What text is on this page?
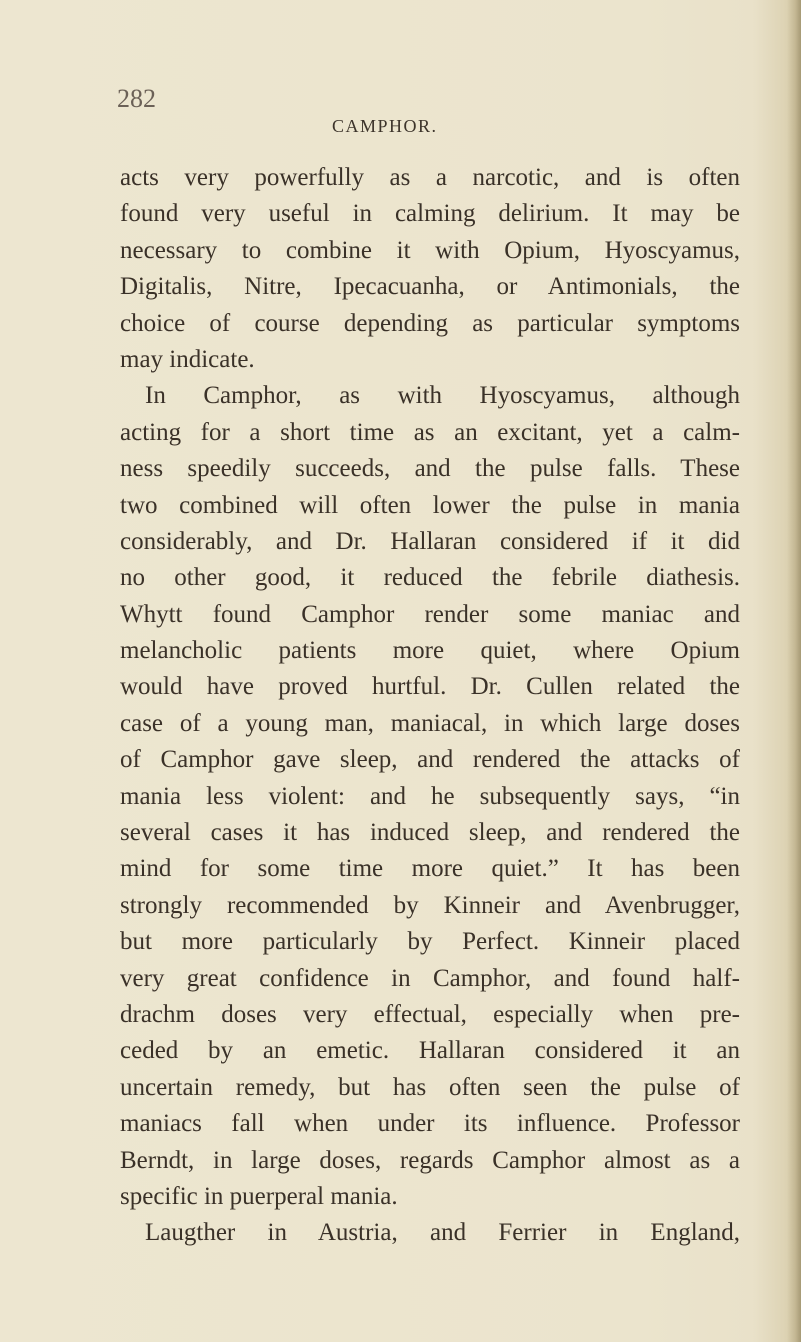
282

CAMPHOR.

acts very powerfully as a narcotic, and is often
found very useful in calming delirium. It may be
necessary to combine it with Opium, Hyoscyamus,
Digitalis, Nitre, Ipecacuanha, or Antimonials, the
choice of course depending as particular symptoms
may indicate.
In Camphor, as with Hyoscyamus, although
acting for a short time as an excitant, yet a calm-
ness speedily succeeds, and the pulse falls. These
two combined will often lower the pulse in mania
considerably, and Dr. Hallaran considered if it did
no other good, it reduced the febrile diathesis.
Whytt found Camphor render some maniac and
melancholic patients more quiet, where Opium
would have proved hurtful. Dr. Cullen related the
case of a young man, maniacal, in which large doses
of Camphor gave sleep, and rendered the attacks of
mania less violent: and he subsequently says, “in
several cases it has induced sleep, and rendered the
mind for some time more quiet.” It has been
strongly recommended by Kinneir and Avenbrugger,
but more particularly by Perfect. Kinneir placed
very great confidence in Camphor, and found half-
drachm doses very effectual, especially when pre-
ceded by an emetic. Hallaran considered it an
uncertain remedy, but has often seen the pulse of
maniacs fall when under its influence. Professor
Berndt, in large doses, regards Camphor almost as a
specific in puerperal mania.
Laugther in Austria, and Ferrier in England,
